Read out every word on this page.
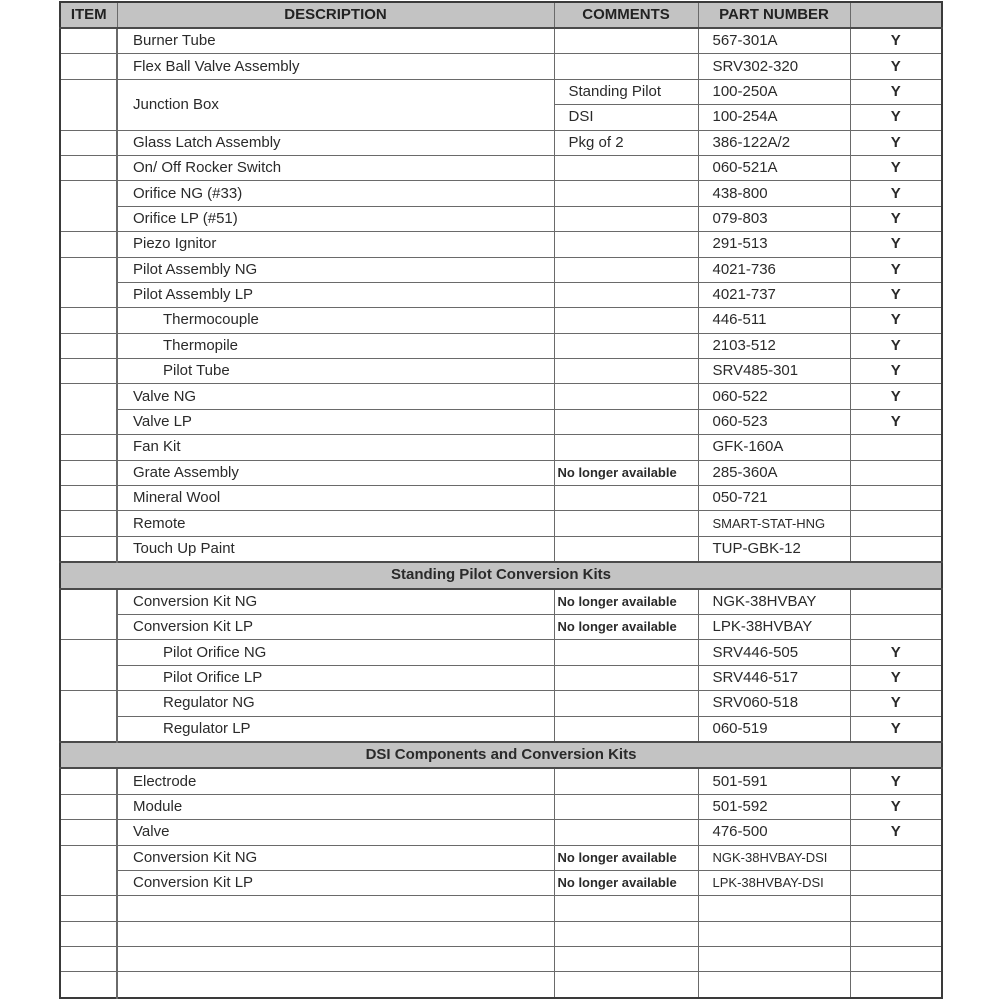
ITEM	DESCRIPTION	COMMENTS	PART NUMBER	
	Burner Tube		567-301A	Y
	Flex Ball Valve Assembly		SRV302-320	Y
	Junction Box	Standing Pilot	100-250A	Y
		DSI	100-254A	Y
	Glass Latch Assembly	Pkg of 2	386-122A/2	Y
	On/ Off Rocker Switch		060-521A	Y
	Orifice NG (#33)		438-800	Y
	Orifice LP (#51)		079-803	Y
	Piezo Ignitor		291-513	Y
	Pilot Assembly NG		4021-736	Y
	Pilot Assembly LP		4021-737	Y
	Thermocouple		446-511	Y
	Thermopile		2103-512	Y
	Pilot Tube		SRV485-301	Y
	Valve NG		060-522	Y
	Valve LP		060-523	Y
	Fan Kit		GFK-160A	
	Grate Assembly	No longer available	285-360A	
	Mineral Wool		050-721	
	Remote		SMART-STAT-HNG	
	Touch Up Paint		TUP-GBK-12	
Standing Pilot Conversion Kits				
	Conversion Kit NG	No longer available	NGK-38HVBAY	
	Conversion Kit LP	No longer available	LPK-38HVBAY	
	Pilot Orifice NG		SRV446-505	Y
	Pilot Orifice LP		SRV446-517	Y
	Regulator NG		SRV060-518	Y
	Regulator LP		060-519	Y
DSI Components and Conversion Kits				
	Electrode		501-591	Y
	Module		501-592	Y
	Valve		476-500	Y
	Conversion Kit NG	No longer available	NGK-38HVBAY-DSI	
	Conversion Kit LP	No longer available	LPK-38HVBAY-DSI	
